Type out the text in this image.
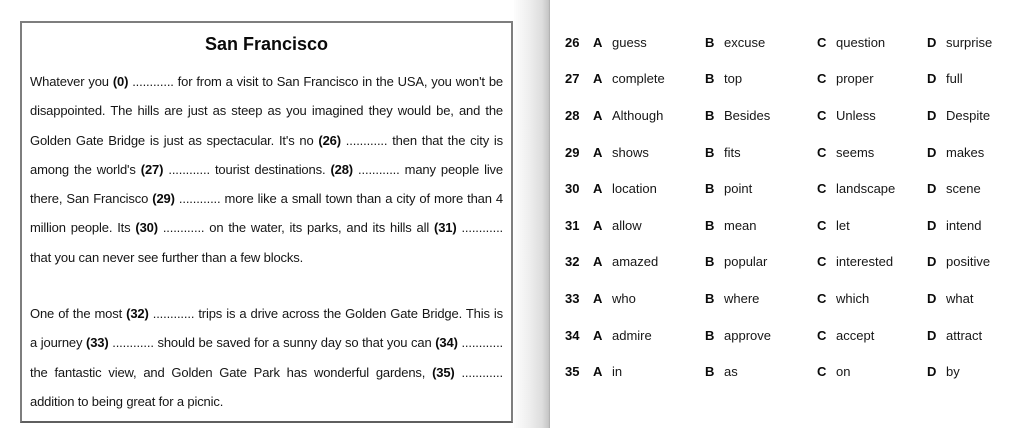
San Francisco

Whatever you (0) ............ for from a visit to San Francisco in the USA, you won't be disappointed. The hills are just as steep as you imagined they would be, and the Golden Gate Bridge is just as spectacular. It's no (26) ............ then that the city is among the world's (27) ............ tourist destinations. (28) ............ many people live there, San Francisco (29) ............ more like a small town than a city of more than 4 million people. Its (30) ............ on the water, its parks, and its hills all (31) ............ that you can never see further than a few blocks.

One of the most (32) ............ trips is a drive across the Golden Gate Bridge. This is a journey (33) ............ should be saved for a sunny day so that you can (34) ............ the fantastic view, and Golden Gate Park has wonderful gardens, (35) ............ addition to being great for a picnic.

26	A guess	B excuse	C question	D surprise
27	A complete	B top	C proper	D full
28	A Although	B Besides	C Unless	D Despite
29	A shows	B fits	C seems	D makes
30	A location	B point	C landscape	D scene
31	A allow	B mean	C let	D intend
32	A amazed	B popular	C interested	D positive
33	A who	B where	C which	D what
34	A admire	B approve	C accept	D attract
35	A in	B as	C on	D by
